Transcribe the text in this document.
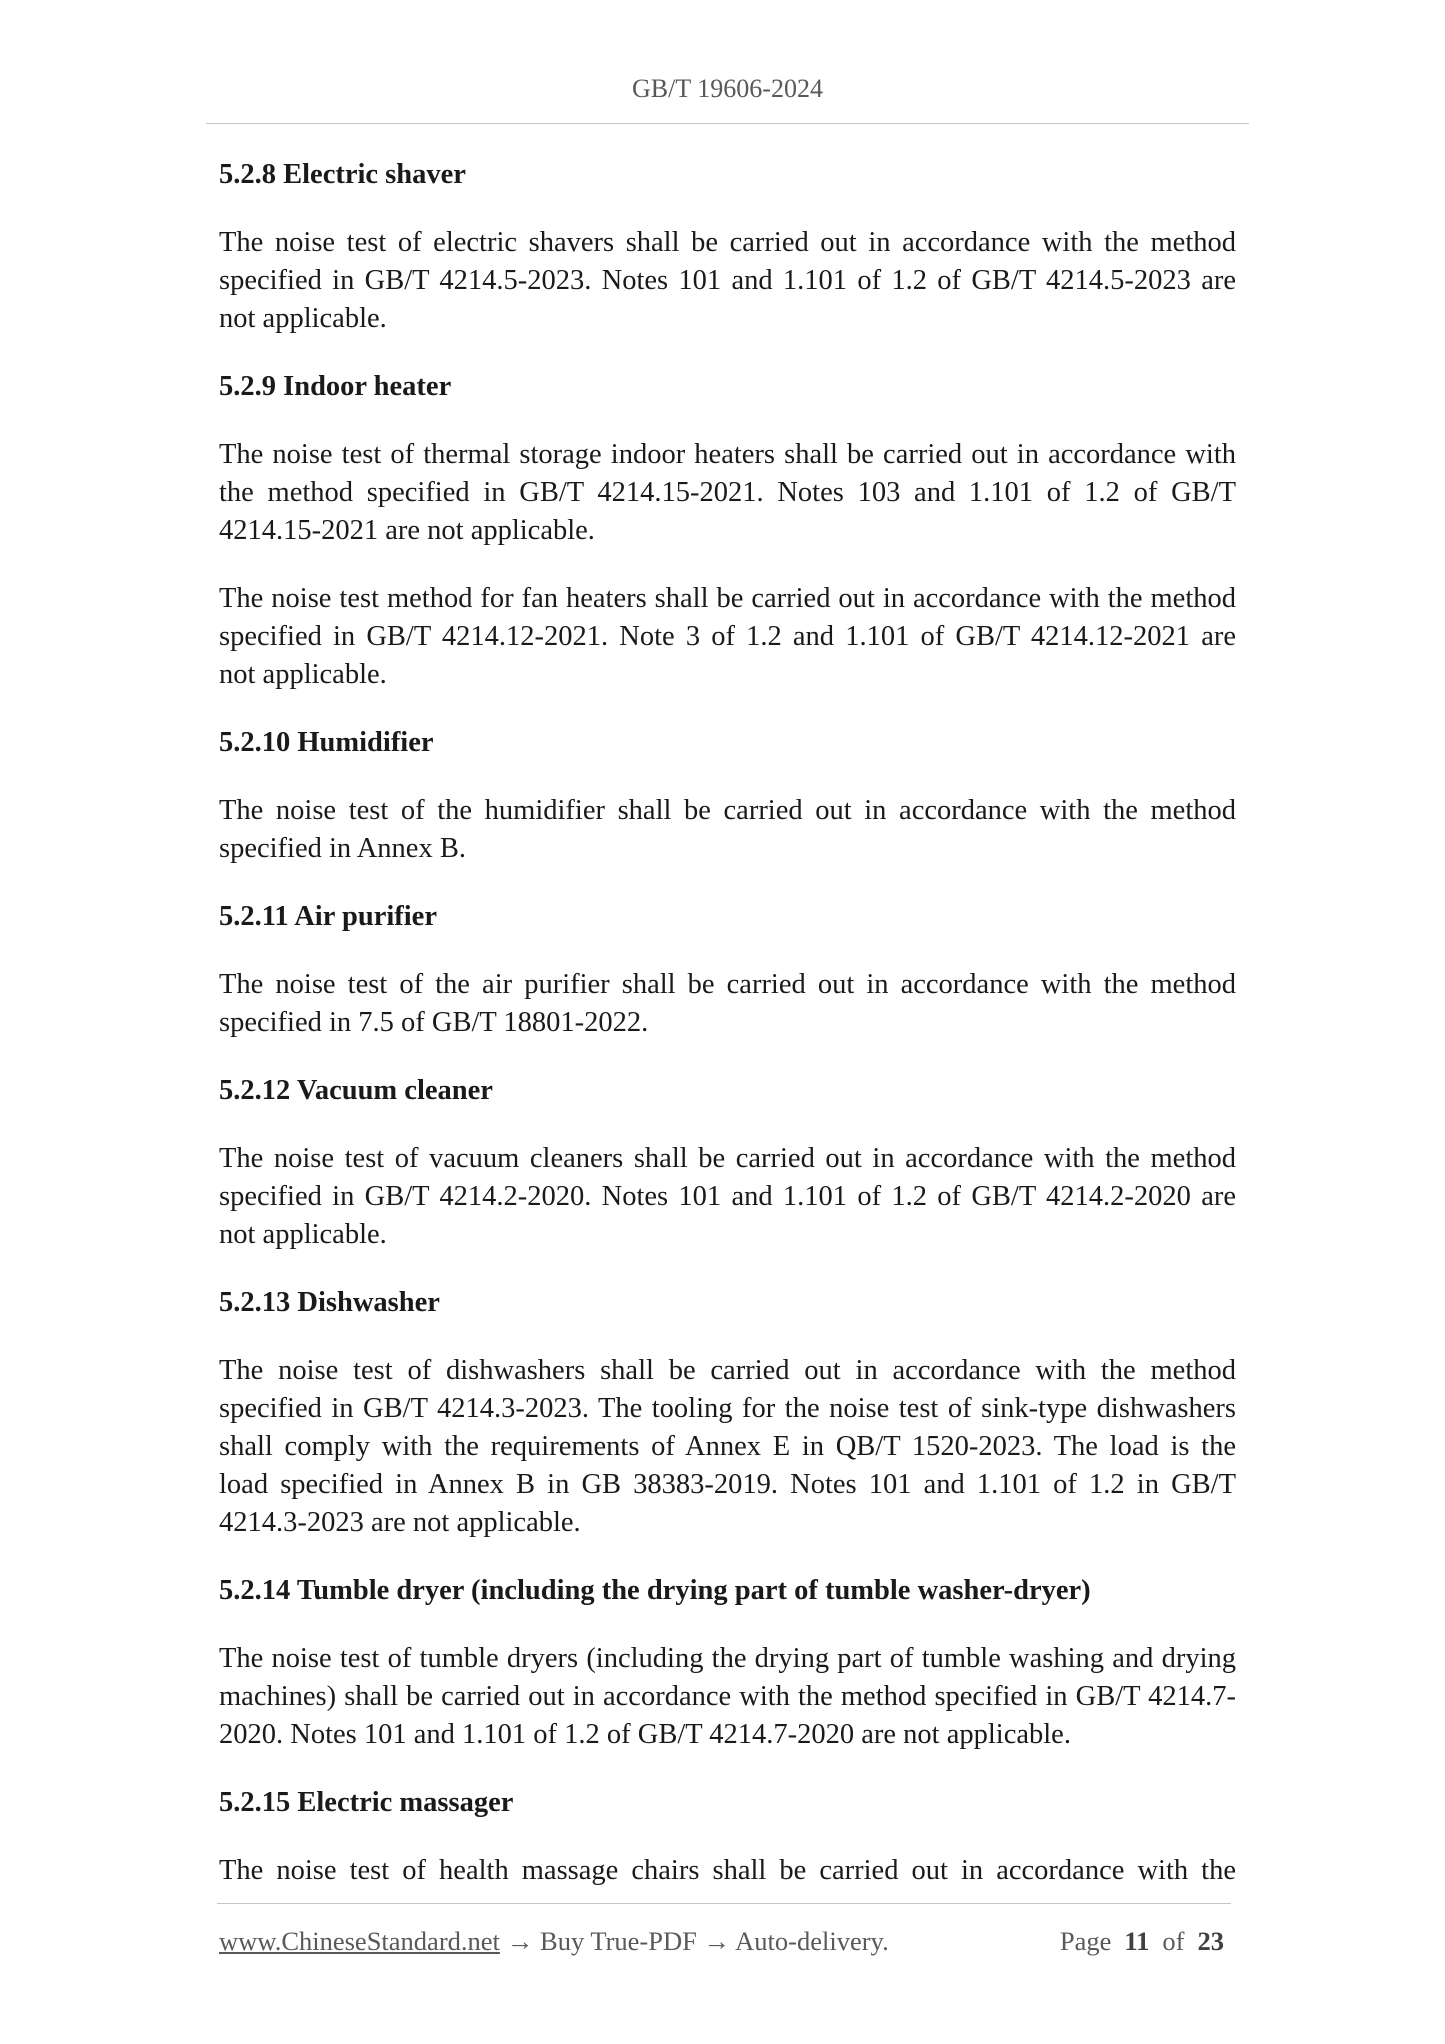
GB/T 19606-2024
5.2.8 Electric shaver
The noise test of electric shavers shall be carried out in accordance with the method
specified in GB/T 4214.5-2023. Notes 101 and 1.101 of 1.2 of GB/T 4214.5-2023 are
not applicable.
5.2.9 Indoor heater
The noise test of thermal storage indoor heaters shall be carried out in accordance with
the method specified in GB/T 4214.15-2021. Notes 103 and 1.101 of 1.2 of GB/T
4214.15-2021 are not applicable.
The noise test method for fan heaters shall be carried out in accordance with the method
specified in GB/T 4214.12-2021. Note 3 of 1.2 and 1.101 of GB/T 4214.12-2021 are
not applicable.
5.2.10 Humidifier
The noise test of the humidifier shall be carried out in accordance with the method
specified in Annex B.
5.2.11 Air purifier
The noise test of the air purifier shall be carried out in accordance with the method
specified in 7.5 of GB/T 18801-2022.
5.2.12 Vacuum cleaner
The noise test of vacuum cleaners shall be carried out in accordance with the method
specified in GB/T 4214.2-2020. Notes 101 and 1.101 of 1.2 of GB/T 4214.2-2020 are
not applicable.
5.2.13 Dishwasher
The noise test of dishwashers shall be carried out in accordance with the method
specified in GB/T 4214.3-2023. The tooling for the noise test of sink-type dishwashers
shall comply with the requirements of Annex E in QB/T 1520-2023. The load is the
load specified in Annex B in GB 38383-2019. Notes 101 and 1.101 of 1.2 in GB/T
4214.3-2023 are not applicable.
5.2.14 Tumble dryer (including the drying part of tumble washer-dryer)
The noise test of tumble dryers (including the drying part of tumble washing and drying
machines) shall be carried out in accordance with the method specified in GB/T 4214.7-
2020. Notes 101 and 1.101 of 1.2 of GB/T 4214.7-2020 are not applicable.
5.2.15 Electric massager
The noise test of health massage chairs shall be carried out in accordance with the
www.ChineseStandard.net → Buy True-PDF → Auto-delivery.	Page 11 of 23
